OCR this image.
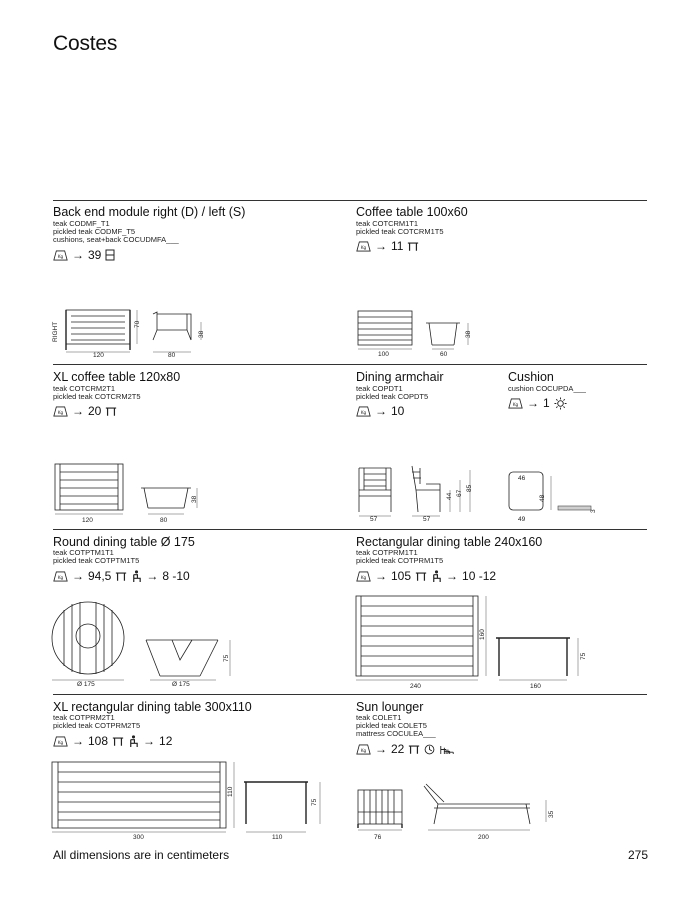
Costes
Back end module right (D) / left (S)
teak CODMF_T1
pickled teak CODMF_T5
cushions, seat+back COCUDMFA___
→ 39
RIGHT	70
38
120	80
Coffee table 100x60
teak COTCRM1T1
pickled teak COTCRM1T5
→ 11
100	60
38
XL coffee table 120x80
teak COTCRM2T1
pickled teak COTCRM2T5
→ 20
120	80
38
Dining armchair
teak COPDT1
pickled teak COPDT5
→ 10
57	57
44 67
85
Cushion
cushion COCUPDA___
→ 1
46
48
49
3
Round dining table Ø 175
teak COTPTM1T1
pickled teak COTPTM1T5
→ 94,5	→ 8 -10
Ø 175	Ø 175
75
Rectangular dining table 240x160
teak COTPRM1T1
pickled teak COTPRM1T5
→ 105	→ 10 -12
240
160
160
75
XL rectangular dining table 300x110
teak COTPRM2T1
pickled teak COTPRM2T5
→ 108	→ 12
300
110
110
75
Sun lounger
teak COLET1
pickled teak COLET5
mattress COCULEA___
→ 22
76	200
35
All dimensions are in centimeters	275
